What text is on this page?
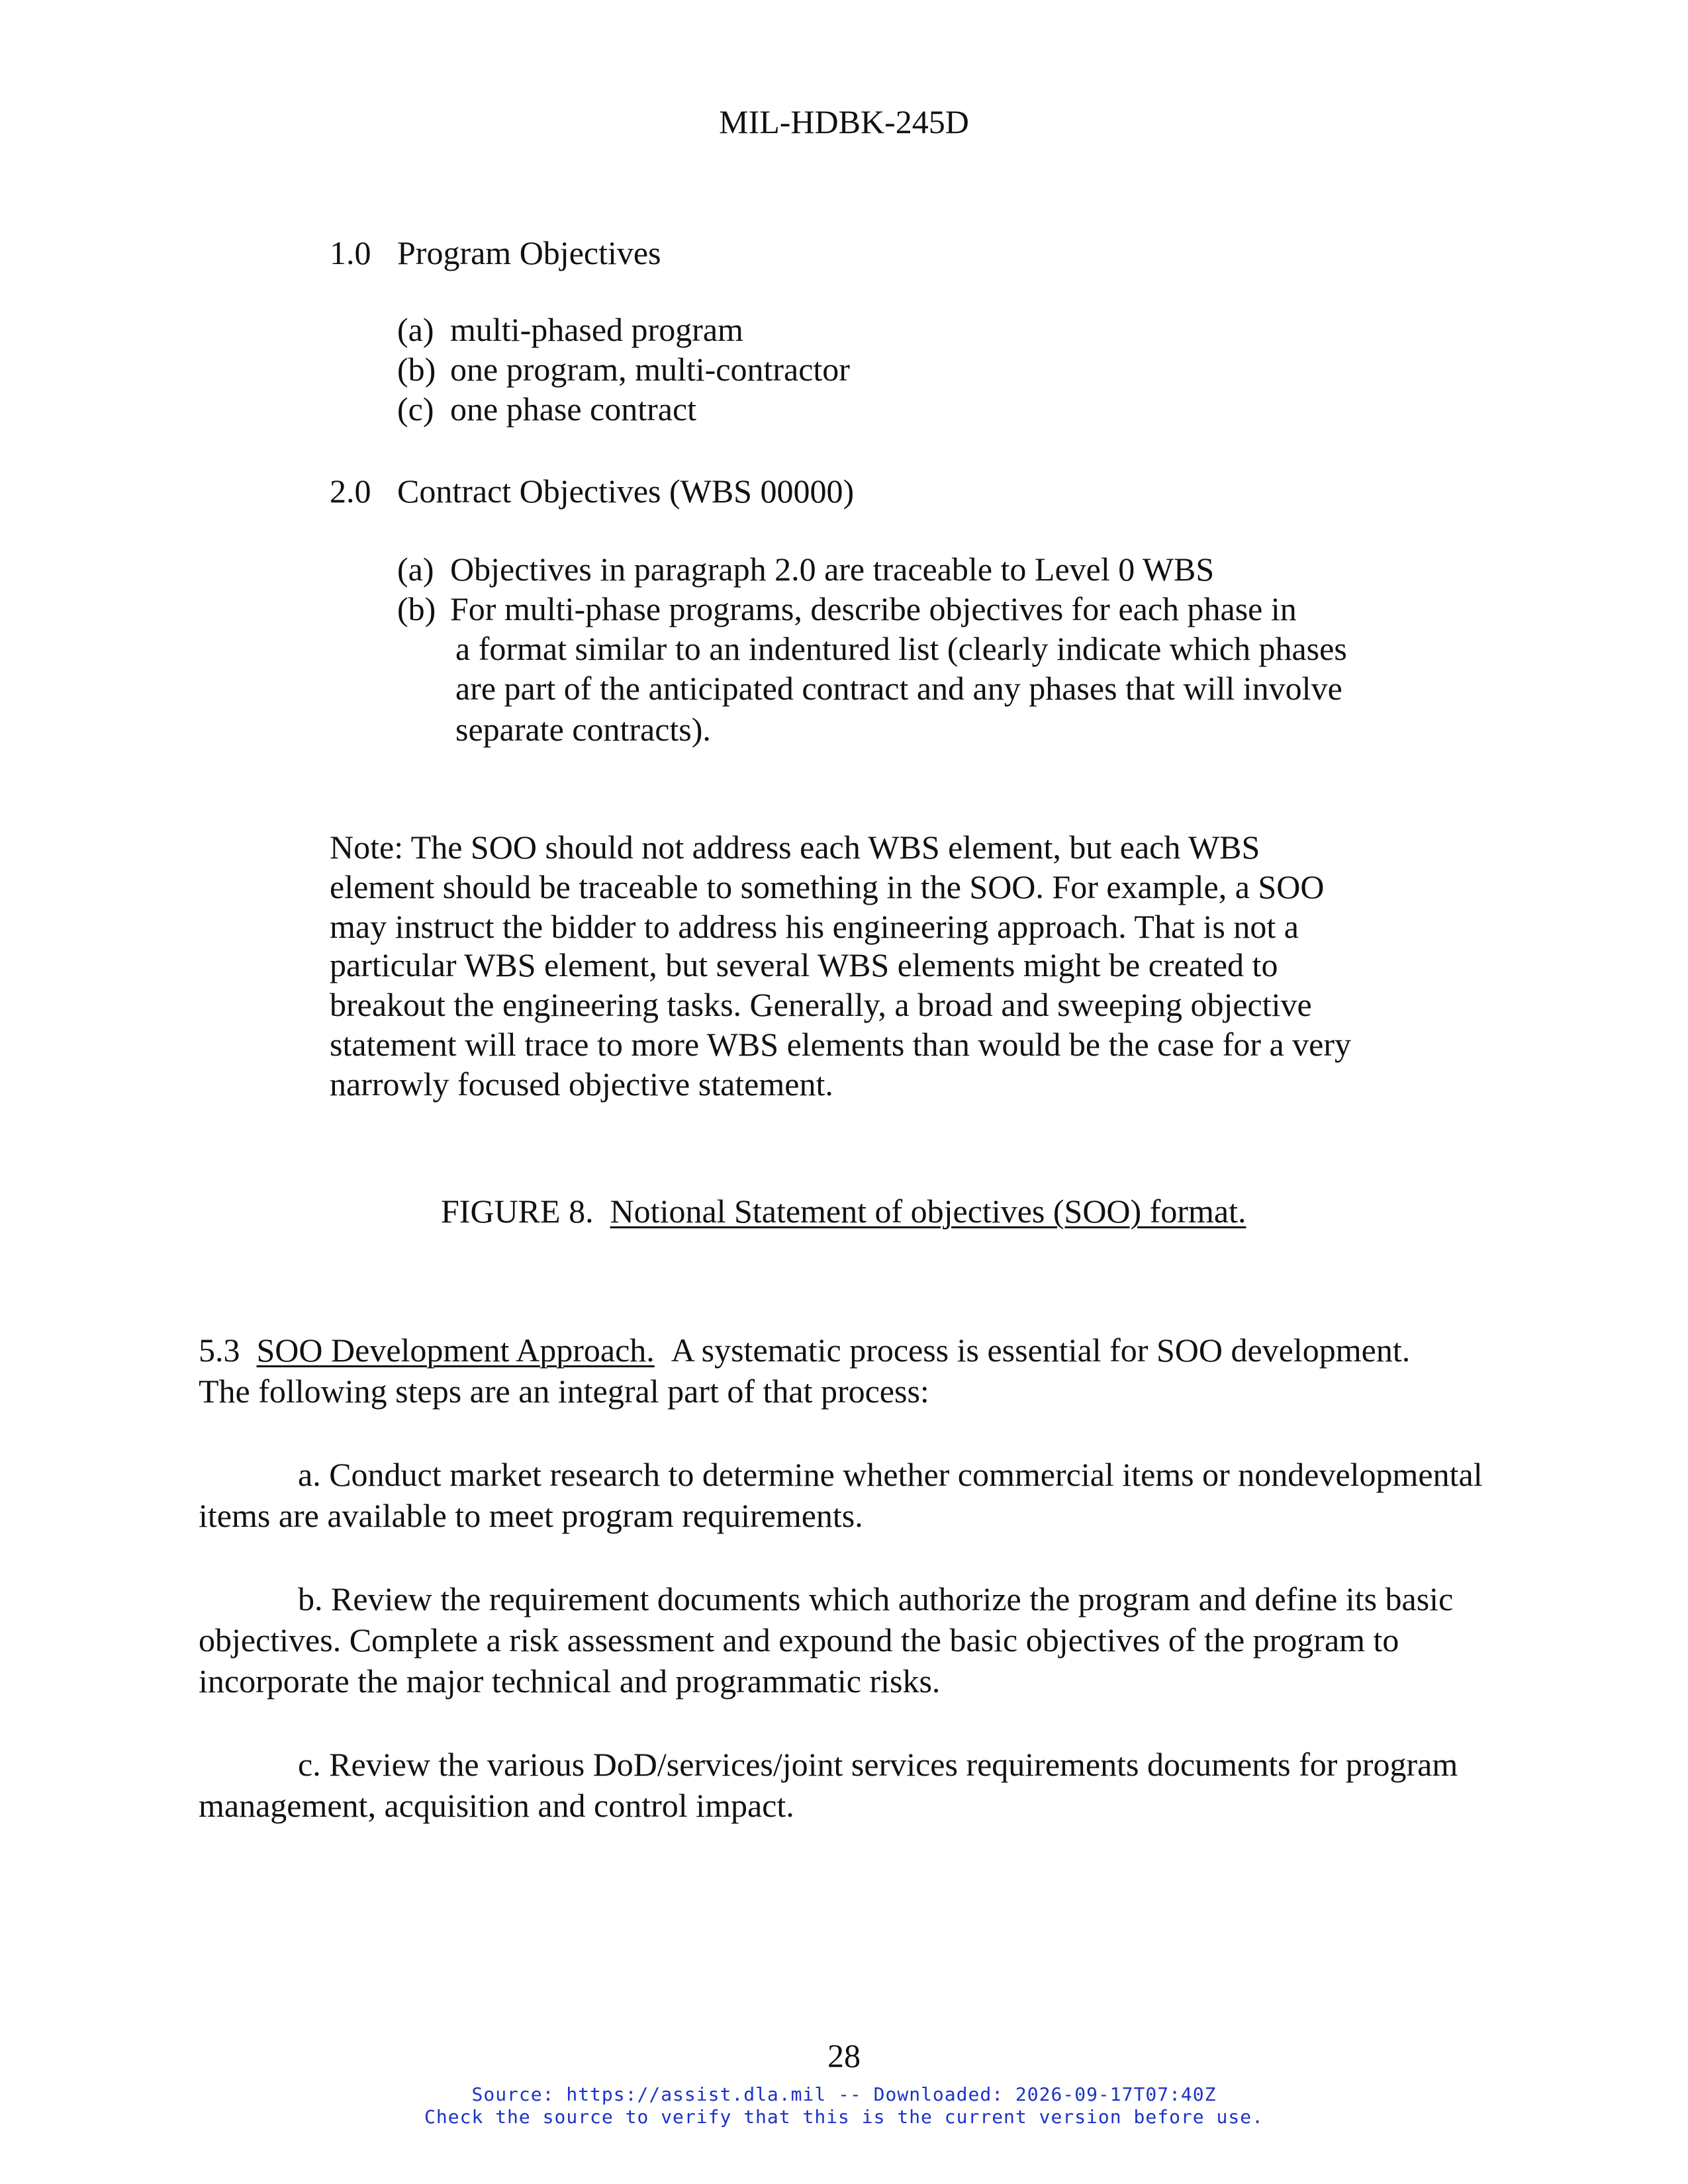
MIL-HDBK-245D
1.0 Program Objectives
(a) multi-phased program
(b) one program, multi-contractor
(c) one phase contract
2.0 Contract Objectives (WBS 00000)
(a) Objectives in paragraph 2.0 are traceable to Level 0 WBS
(b) For multi-phase programs, describe objectives for each phase in
a format similar to an indentured list (clearly indicate which phases
are part of the anticipated contract and any phases that will involve
separate contracts).
Note: The SOO should not address each WBS element, but each WBS
element should be traceable to something in the SOO. For example, a SOO
may instruct the bidder to address his engineering approach. That is not a
particular WBS element, but several WBS elements might be created to
breakout the engineering tasks. Generally, a broad and sweeping objective
statement will trace to more WBS elements than would be the case for a very
narrowly focused objective statement.
FIGURE 8. Notional Statement of objectives (SOO) format.
5.3 SOO Development Approach. A systematic process is essential for SOO development.
The following steps are an integral part of that process:
a. Conduct market research to determine whether commercial items or nondevelopmental
items are available to meet program requirements.
b. Review the requirement documents which authorize the program and define its basic
objectives. Complete a risk assessment and expound the basic objectives of the program to
incorporate the major technical and programmatic risks.
c. Review the various DoD/services/joint services requirements documents for program
management, acquisition and control impact.
28
Source: https://assist.dla.mil -- Downloaded: 2026-09-17T07:40Z
Check the source to verify that this is the current version before use.
